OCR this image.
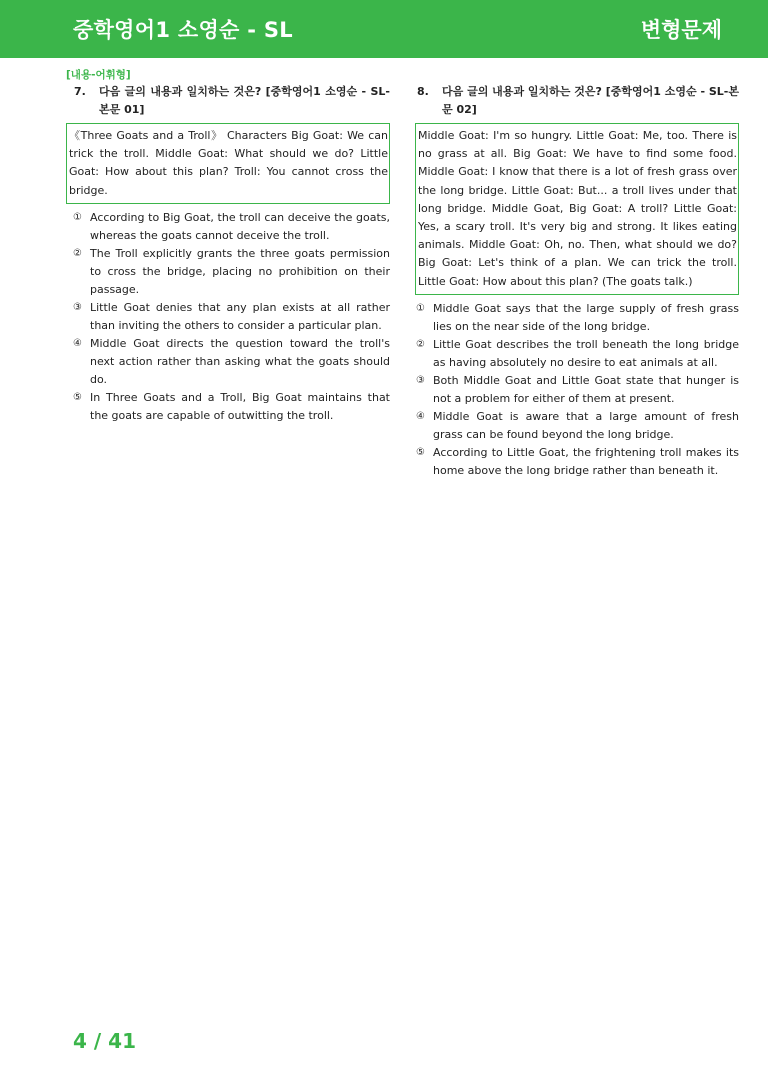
중학영어1 소영순 - SL	변형문제
[내용-어휘형]
7.	다음 글의 내용과 일치하는 것은? [중학영어1 소영순 - SL-본문 01]
《Three Goats and a Troll》 Characters Big Goat: We can trick the troll. Middle Goat: What should we do? Little Goat: How about this plan? Troll: You cannot cross the bridge.
① According to Big Goat, the troll can deceive the goats, whereas the goats cannot deceive the troll.
② The Troll explicitly grants the three goats permission to cross the bridge, placing no prohibition on their passage.
③ Little Goat denies that any plan exists at all rather than inviting the others to consider a particular plan.
④ Middle Goat directs the question toward the troll's next action rather than asking what the goats should do.
⑤ In Three Goats and a Troll, Big Goat maintains that the goats are capable of outwitting the troll.
8.	다음 글의 내용과 일치하는 것은? [중학영어1 소영순 - SL-본문 02]
Middle Goat: I'm so hungry. Little Goat: Me, too. There is no grass at all. Big Goat: We have to find some food. Middle Goat: I know that there is a lot of fresh grass over the long bridge. Little Goat: But... a troll lives under that long bridge. Middle Goat, Big Goat: A troll? Little Goat: Yes, a scary troll. It's very big and strong. It likes eating animals. Middle Goat: Oh, no. Then, what should we do? Big Goat: Let's think of a plan. We can trick the troll. Little Goat: How about this plan? (The goats talk.)
① Middle Goat says that the large supply of fresh grass lies on the near side of the long bridge.
② Little Goat describes the troll beneath the long bridge as having absolutely no desire to eat animals at all.
③ Both Middle Goat and Little Goat state that hunger is not a problem for either of them at present.
④ Middle Goat is aware that a large amount of fresh grass can be found beyond the long bridge.
⑤ According to Little Goat, the frightening troll makes its home above the long bridge rather than beneath it.
4 / 41
